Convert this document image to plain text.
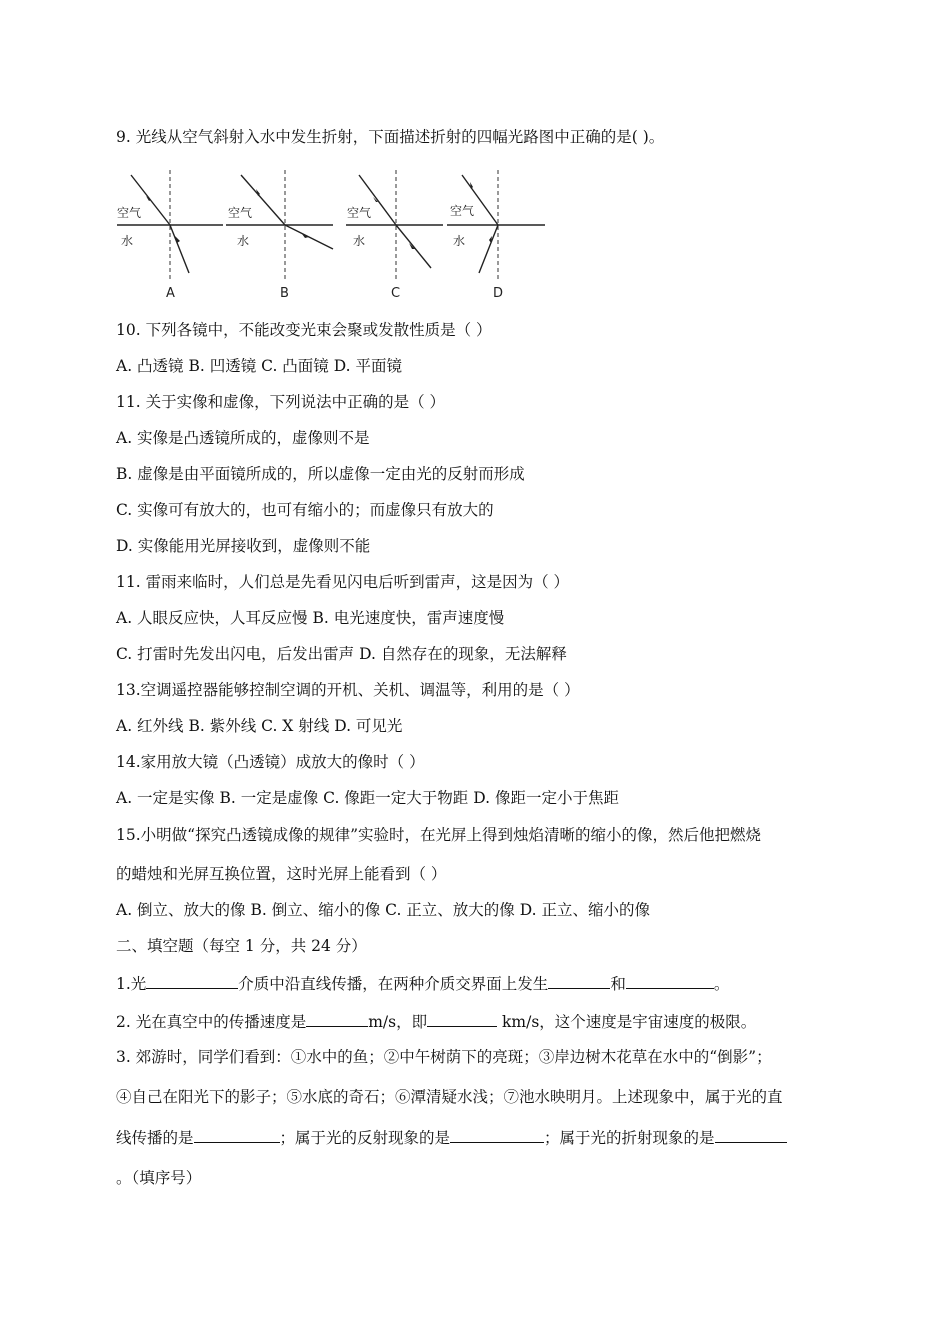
9. 光线从空气斜射入水中发生折射，下面描述折射的四幅光路图中正确的是( )。
空气
水
A
空气
水
B
空气
水
C
空气
水
D
10. 下列各镜中，不能改变光束会聚或发散性质是（ ）
A. 凸透镜 B. 凹透镜 C. 凸面镜 D. 平面镜
11. 关于实像和虚像，下列说法中正确的是（ ）
A. 实像是凸透镜所成的，虚像则不是
B. 虚像是由平面镜所成的，所以虚像一定由光的反射而形成
C. 实像可有放大的，也可有缩小的；而虚像只有放大的
D. 实像能用光屏接收到，虚像则不能
11. 雷雨来临时，人们总是先看见闪电后听到雷声，这是因为（ ）
A. 人眼反应快，人耳反应慢 B. 电光速度快，雷声速度慢
C. 打雷时先发出闪电，后发出雷声 D. 自然存在的现象，无法解释
13.空调遥控器能够控制空调的开机、关机、调温等，利用的是（ ）
A. 红外线 B. 紫外线 C. X 射线 D. 可见光
14.家用放大镜（凸透镜）成放大的像时（ ）
A. 一定是实像 B. 一定是虚像 C. 像距一定大于物距 D. 像距一定小于焦距
15.小明做“探究凸透镜成像的规律”实验时，在光屏上得到烛焰清晰的缩小的像，然后他把燃烧
的蜡烛和光屏互换位置，这时光屏上能看到（ ）
A. 倒立、放大的像 B. 倒立、缩小的像 C. 正立、放大的像 D. 正立、缩小的像
二、填空题（每空 1 分，共 24 分）
1.光	介质中沿直线传播，在两种介质交界面上发生	和	。
2. 光在真空中的传播速度是	m/s，即	km/s，这个速度是宇宙速度的极限。
3. 郊游时，同学们看到：①水中的鱼；②中午树荫下的亮斑；③岸边树木花草在水中的“倒影”；
④自己在阳光下的影子；⑤水底的奇石；⑥潭清疑水浅；⑦池水映明月。上述现象中，属于光的直
线传播的是	；属于光的反射现象的是	；属于光的折射现象的是
。（填序号）
